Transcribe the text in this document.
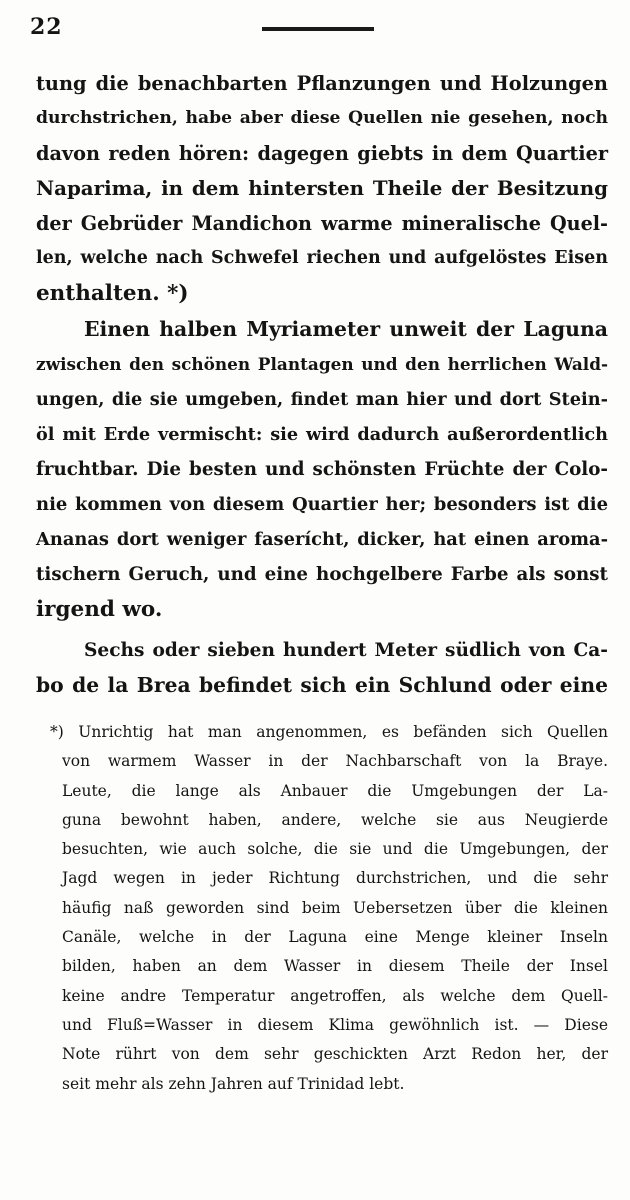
22
tung die benachbarten Pflanzungen und Holzungen
durchstrichen, habe aber diese Quellen nie gesehen, noch
davon reden hören: dagegen giebts in dem Quartier
Naparima, in dem hintersten Theile der Besitzung
der Gebrüder Mandichon warme mineralische Quel-
len, welche nach Schwefel riechen und aufgelöstes Eisen
enthalten. *)
Einen halben Myriameter unweit der Laguna
zwischen den schönen Plantagen und den herrlichen Wald-
ungen, die sie umgeben, findet man hier und dort Stein-
öl mit Erde vermischt: sie wird dadurch außerordentlich
fruchtbar. Die besten und schönsten Früchte der Colo-
nie kommen von diesem Quartier her; besonders ist die
Ananas dort weniger faserícht, dicker, hat einen aroma-
tischern Geruch, und eine hochgelbere Farbe als sonst
irgend wo.
Sechs oder sieben hundert Meter südlich von Ca-
bo de la Brea befindet sich ein Schlund oder eine
*) Unrichtig hat man angenommen, es befänden sich Quellen
von warmem Wasser in der Nachbarschaft von la Braye.
Leute, die lange als Anbauer die Umgebungen der La-
guna bewohnt haben, andere, welche sie aus Neugierde
besuchten, wie auch solche, die sie und die Umgebungen, der
Jagd wegen in jeder Richtung durchstrichen, und die sehr
häufig naß geworden sind beim Uebersetzen über die kleinen
Canäle, welche in der Laguna eine Menge kleiner Inseln
bilden, haben an dem Wasser in diesem Theile der Insel
keine andre Temperatur angetroffen, als welche dem Quell-
und Fluß=Wasser in diesem Klima gewöhnlich ist. — Diese
Note rührt von dem sehr geschickten Arzt Redon her, der
seit mehr als zehn Jahren auf Trinidad lebt.
